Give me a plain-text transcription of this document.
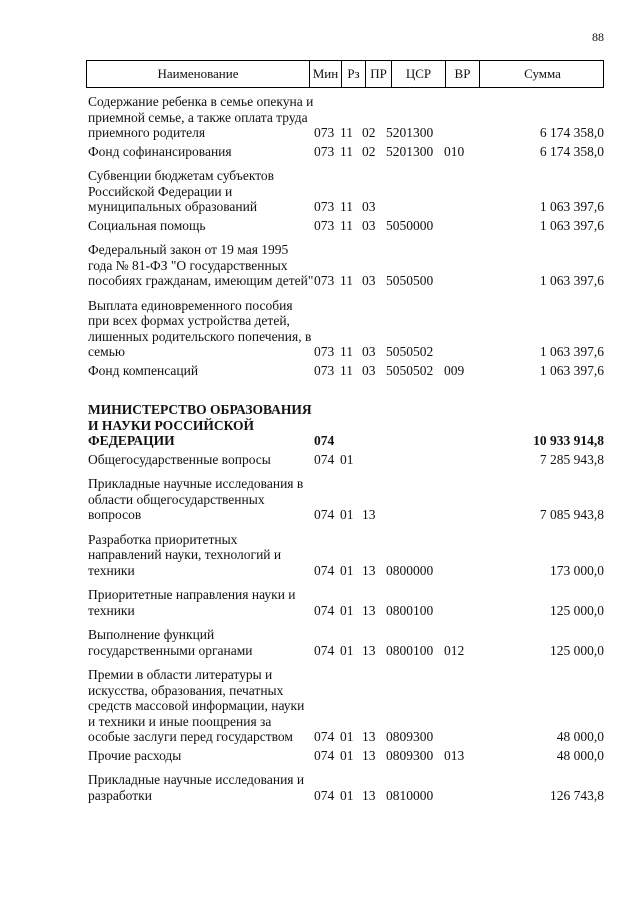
88
Наименование	Мин Рз ПР	ЦСР	ВР	Сумма
Содержание ребенка в семье опекуна и приемной семье, а также оплата труда приемного родителя	073 11 02 5201300	6 174 358,0
Фонд софинансирования	073 11 02 5201300 010	6 174 358,0
Субвенции бюджетам субъектов Российской Федерации и муниципальных образований	073 11 03	1 063 397,6
Социальная помощь	073 11 03 5050000	1 063 397,6
Федеральный закон от 19 мая 1995 года № 81-ФЗ "О государственных пособиях гражданам, имеющим детей" 073 11 03 5050500	1 063 397,6
Выплата единовременного пособия при всех формах устройства детей, лишенных родительского попечения, в семью	073 11 03 5050502	1 063 397,6
Фонд компенсаций	073 11 03 5050502 009	1 063 397,6
МИНИСТЕРСТВО ОБРАЗОВАНИЯ И НАУКИ РОССИЙСКОЙ ФЕДЕРАЦИИ	074	10 933 914,8
Общегосударственные вопросы	074 01	7 285 943,8
Прикладные научные исследования в области общегосударственных вопросов	074 01 13	7 085 943,8
Разработка приоритетных направлений науки, технологий и техники	074 01 13 0800000	173 000,0
Приоритетные направления науки и техники	074 01 13 0800100	125 000,0
Выполнение функций государственными органами	074 01 13 0800100 012	125 000,0
Премии в области литературы и искусства, образования, печатных средств массовой информации, науки и техники и иные поощрения за особые заслуги перед государством	074 01 13 0809300	48 000,0
Прочие расходы	074 01 13 0809300 013	48 000,0
Прикладные научные исследования и разработки	074 01 13 0810000	126 743,8
